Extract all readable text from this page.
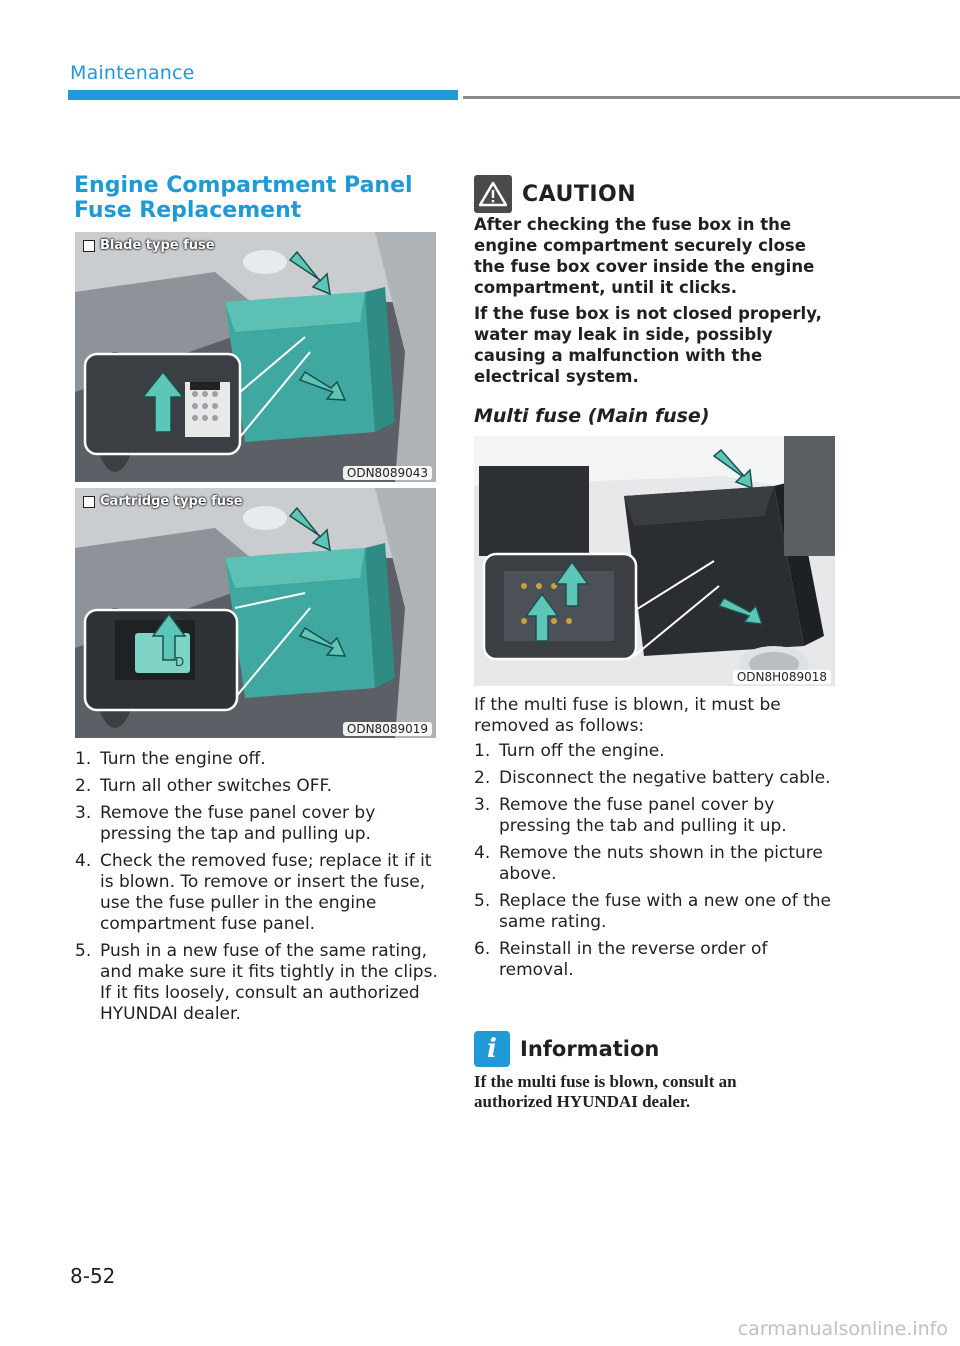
Maintenance
Engine Compartment Panel Fuse Replacement
Blade type fuse
ODN8089043
D
Cartridge type fuse
ODN8089019
1. Turn the engine off.
2. Turn all other switches OFF.
3. Remove the fuse panel cover by pressing the tap and pulling up.
4. Check the removed fuse; replace it if it is blown. To remove or insert the fuse, use the fuse puller in the engine compartment fuse panel.
5. Push in a new fuse of the same rating, and make sure it fits tightly in the clips. If it fits loosely, consult an authorized HYUNDAI dealer.
CAUTION

After checking the fuse box in the engine compartment securely close the fuse box cover inside the engine compartment, until it clicks.

If the fuse box is not closed properly, water may leak in side, possibly causing a malfunction with the electrical system.

Multi fuse (Main fuse)
ODN8H089018

If the multi fuse is blown, it must be removed as follows:

1. Turn off the engine.
2. Disconnect the negative battery cable.
3. Remove the fuse panel cover by pressing the tab and pulling it up.
4. Remove the nuts shown in the picture above.
5. Replace the fuse with a new one of the same rating.
6. Reinstall in the reverse order of removal.
i	Information

If the multi fuse is blown, consult an authorized HYUNDAI dealer.

8-52
carmanualsonline.info
